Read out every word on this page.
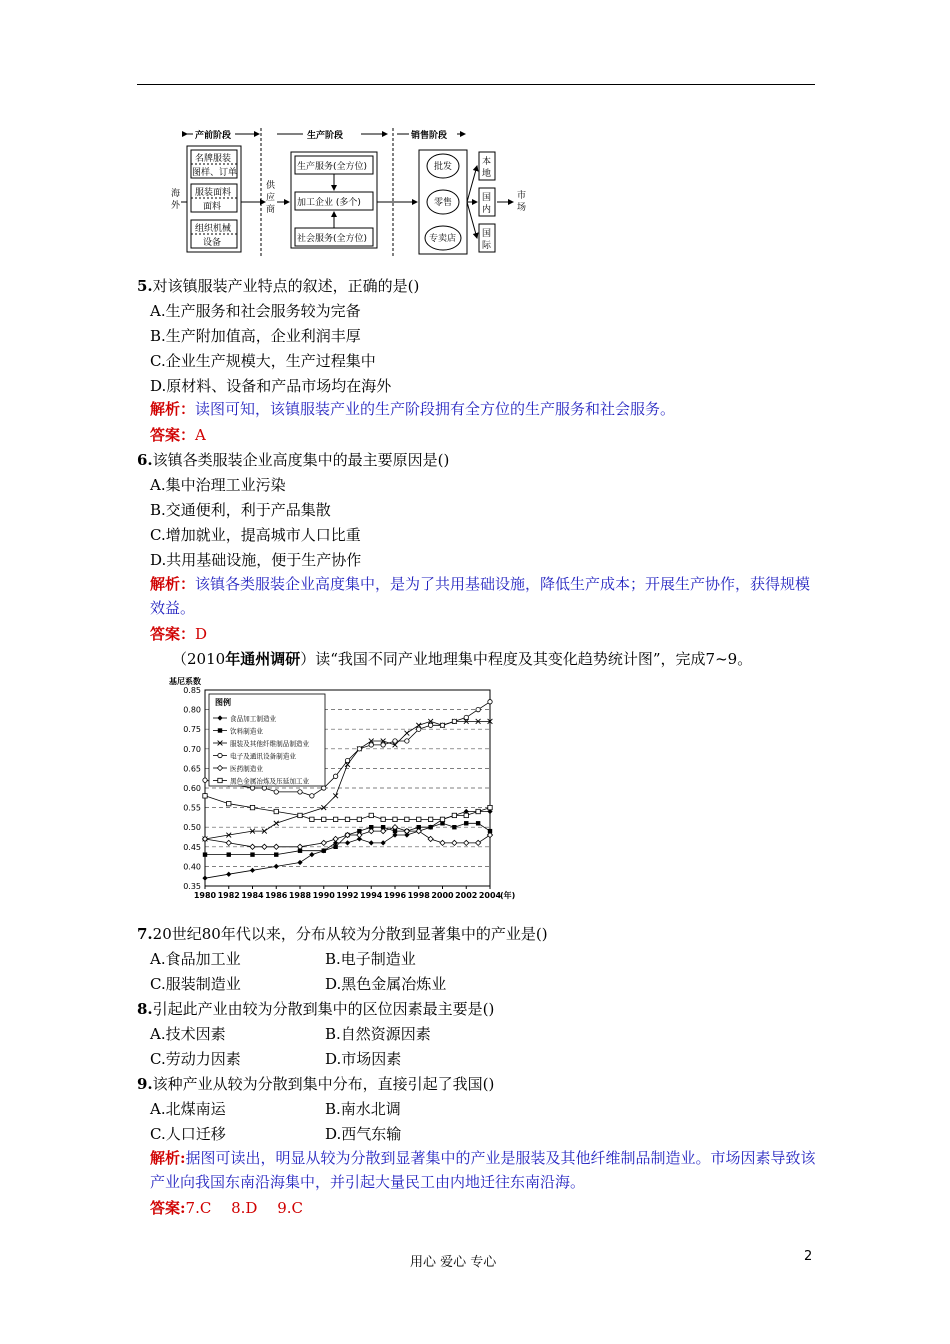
产前阶段	生产阶段	销售阶段
海
外
名牌服装
图样、订单
服装面料
面料
组织机械
设备
供
应
商
生产服务(全方位)
加工企业 (多个)
社会服务(全方位)
批发
零售
专卖店
本
地
国
内
国
际
市
场
5.对该镇服装产业特点的叙述，正确的是()
A.生产服务和社会服务较为完备
B.生产附加值高，企业利润丰厚
C.企业生产规模大，生产过程集中
D.原材料、设备和产品市场均在海外
解析：读图可知，该镇服装产业的生产阶段拥有全方位的生产服务和社会服务。
答案：A
6.该镇各类服装企业高度集中的最主要原因是()
A.集中治理工业污染
B.交通便利，利于产品集散
C.增加就业，提高城市人口比重
D.共用基础设施，便于生产协作
解析：该镇各类服装企业高度集中，是为了共用基础设施，降低生产成本；开展生产协作，获得规模效益。
答案：D
（2010年通州调研）读“我国不同产业地理集中程度及其变化趋势统计图”，完成7~9。
0.35
0.40
0.45
0.50
0.55
0.60
0.65
0.70
0.75
0.80
0.85
1980 1982 1984 1986 1988 1990 1992 1994 1996 1998 2000 2002 2004
(年)
基尼系数
图例
食品加工制造业
饮料制造业
服装及其他纤维制品制造业
电子及通讯设备制造业
医药制造业
黑色金属冶炼及压延加工业
7.20世纪80年代以来，分布从较为分散到显著集中的产业是()
A.食品加工业	B.电子制造业
C.服装制造业	D.黑色金属冶炼业
8.引起此产业由较为分散到集中的区位因素最主要是()
A.技术因素	B.自然资源因素
C.劳动力因素	D.市场因素
9.该种产业从较为分散到集中分布，直接引起了我国()
A.北煤南运	B.南水北调
C.人口迁移	D.西气东输
解析:据图可读出，明显从较为分散到显著集中的产业是服装及其他纤维制品制造业。市场因素导致该产业向我国东南沿海集中，并引起大量民工由内地迁往东南沿海。
答案:7.C　 8.D　 9.C
用心 爱心 专心	2
